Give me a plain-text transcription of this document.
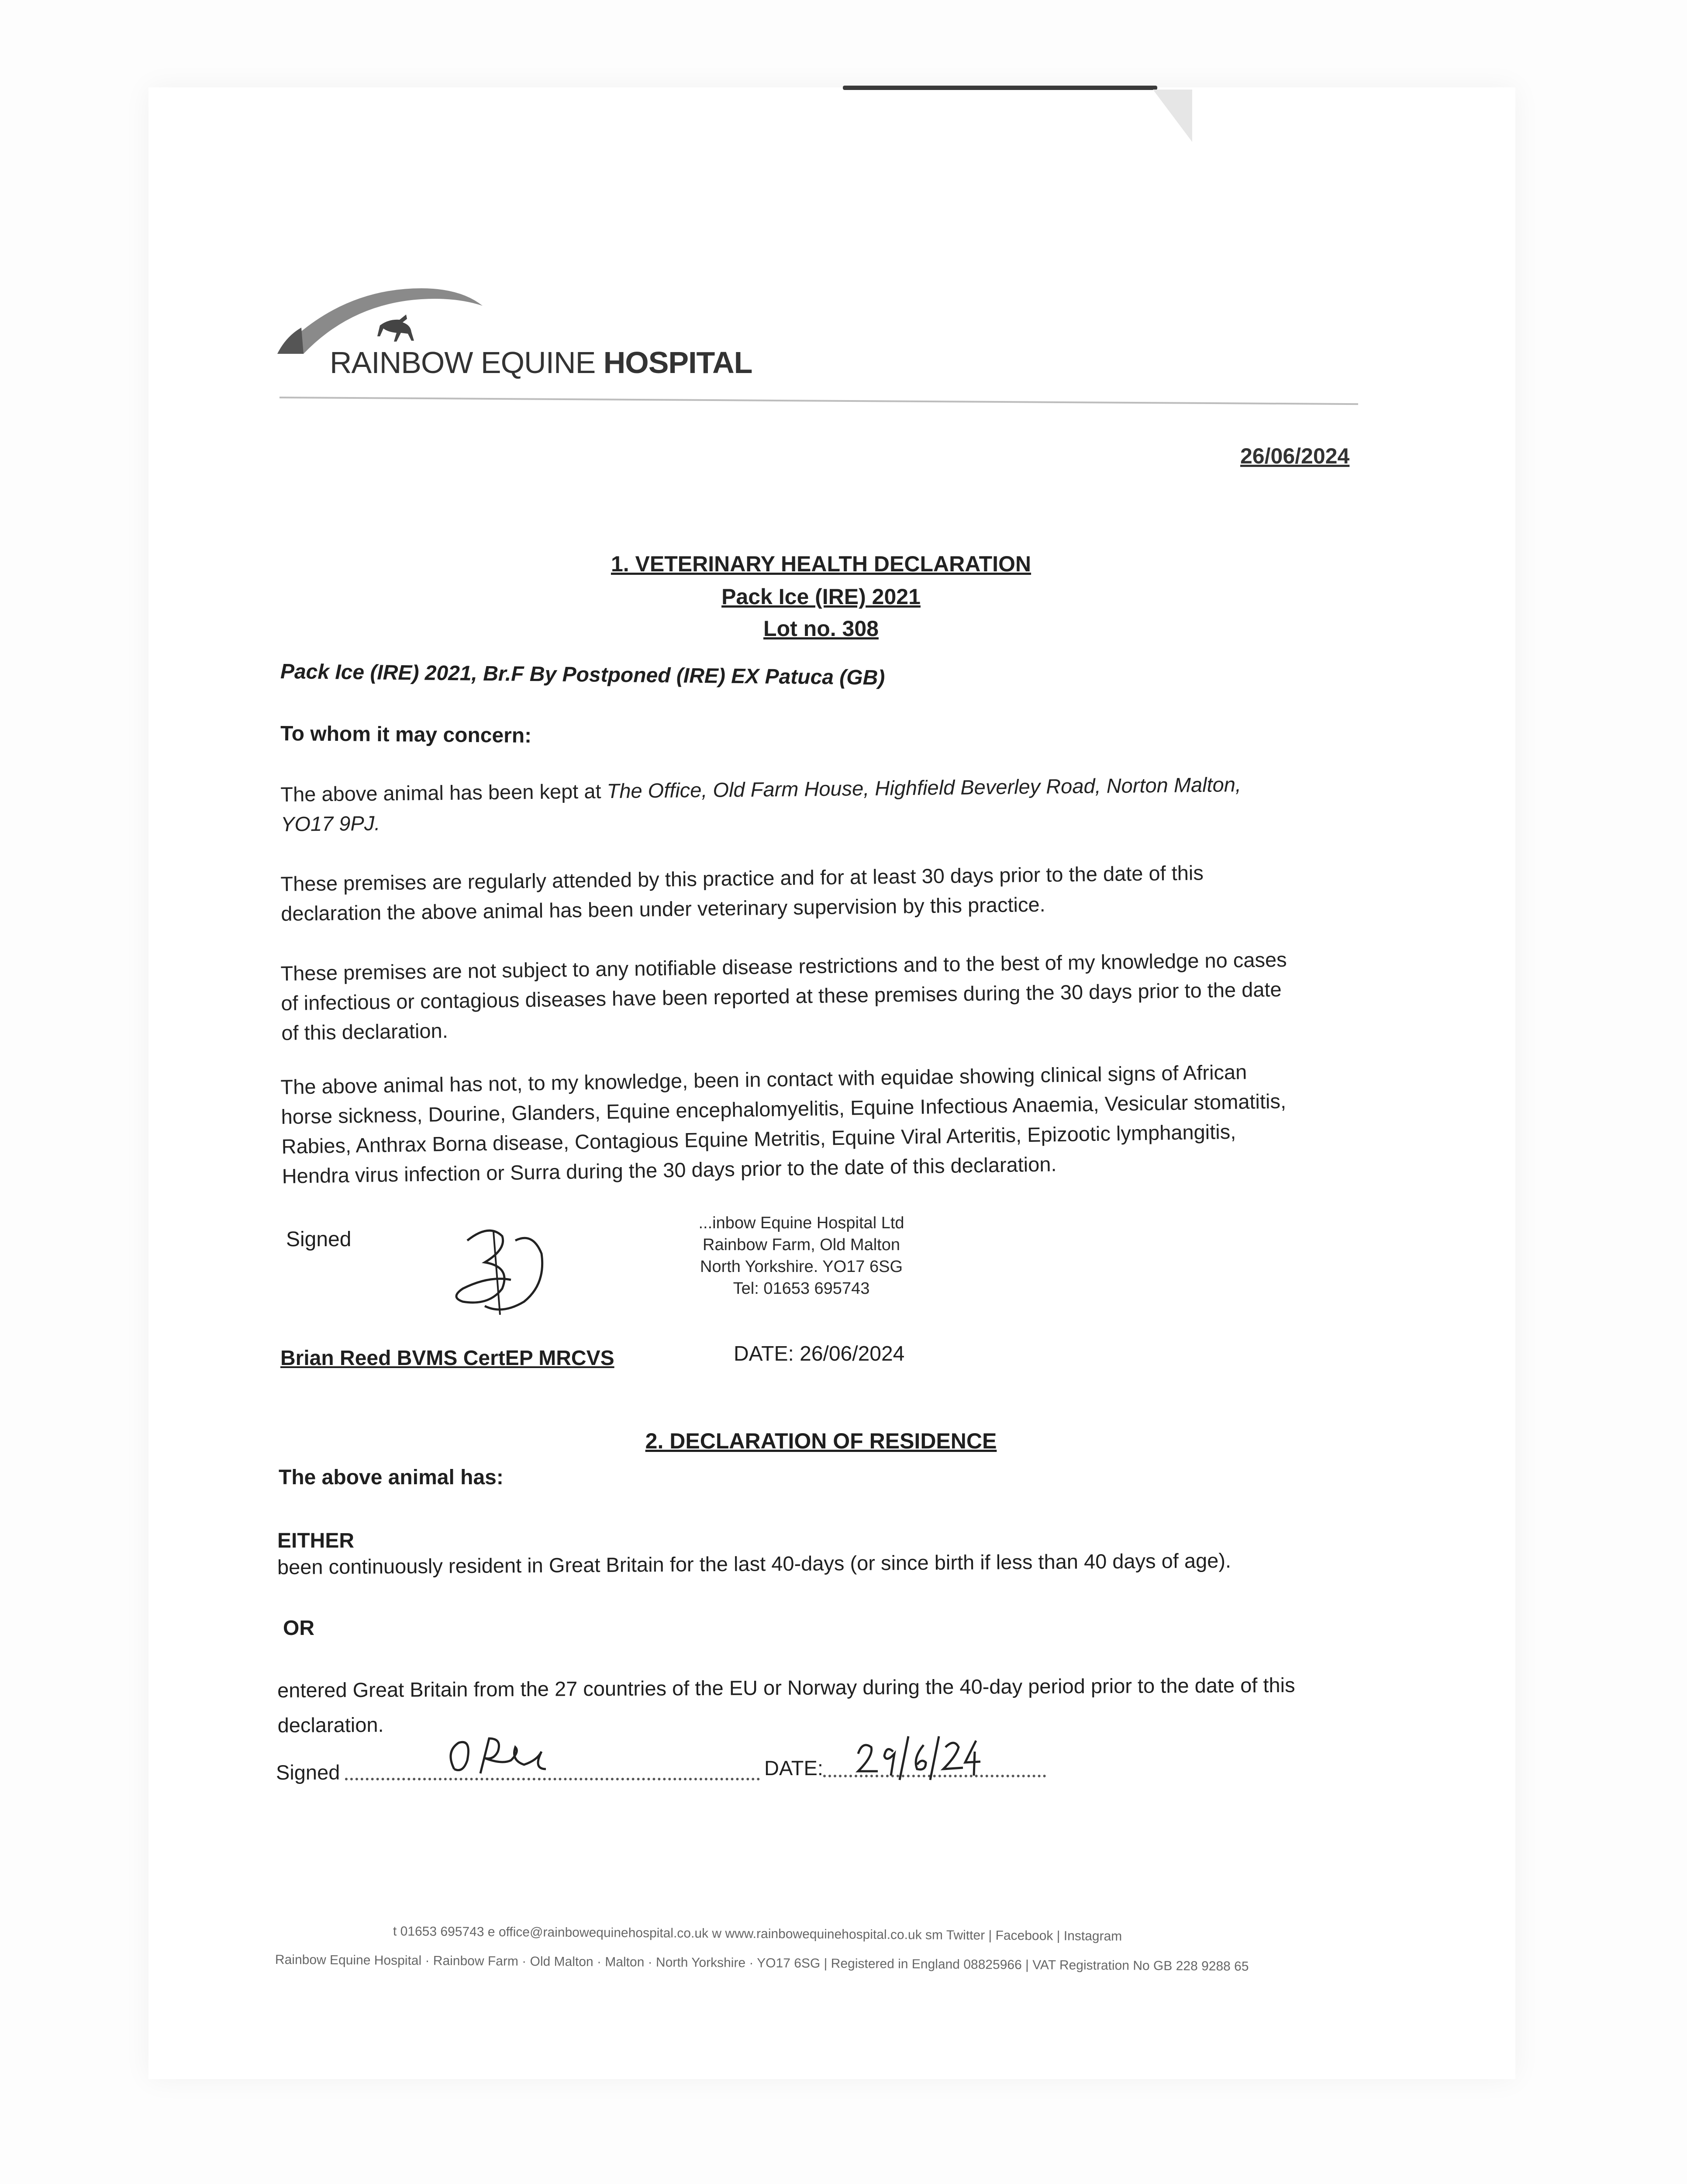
RAINBOW EQUINE HOSPITAL
26/06/2024
1. VETERINARY HEALTH DECLARATION
Pack Ice (IRE) 2021
Lot no. 308
Pack Ice (IRE) 2021, Br.F By Postponed (IRE) EX Patuca (GB)
To whom it may concern:
The above animal has been kept at The Office, Old Farm House, Highfield Beverley Road, Norton Malton, YO17 9PJ.
These premises are regularly attended by this practice and for at least 30 days prior to the date of this declaration the above animal has been under veterinary supervision by this practice.
These premises are not subject to any notifiable disease restrictions and to the best of my knowledge no cases of infectious or contagious diseases have been reported at these premises during the 30 days prior to the date of this declaration.
The above animal has not, to my knowledge, been in contact with equidae showing clinical signs of African horse sickness, Dourine, Glanders, Equine encephalomyelitis, Equine Infectious Anaemia, Vesicular stomatitis, Rabies, Anthrax Borna disease, Contagious Equine Metritis, Equine Viral Arteritis, Epizootic lymphangitis, Hendra virus infection or Surra during the 30 days prior to the date of this declaration.
Signed
...inbow Equine Hospital Ltd
Rainbow Farm, Old Malton
North Yorkshire. YO17 6SG
Tel: 01653 695743
Brian Reed BVMS CertEP MRCVS	DATE: 26/06/2024
2. DECLARATION OF RESIDENCE
The above animal has:
EITHER
been continuously resident in Great Britain for the last 40-days (or since birth if less than 40 days of age).
OR
entered Great Britain from the 27 countries of the EU or Norway during the 40-day period prior to the date of this declaration.
Signed	DATE:
t 01653 695743 e office@rainbowequinehospital.co.uk w www.rainbowequinehospital.co.uk sm Twitter | Facebook | Instagram
Rainbow Equine Hospital · Rainbow Farm · Old Malton · Malton · North Yorkshire · YO17 6SG | Registered in England 08825966 | VAT Registration No GB 228 9288 65
